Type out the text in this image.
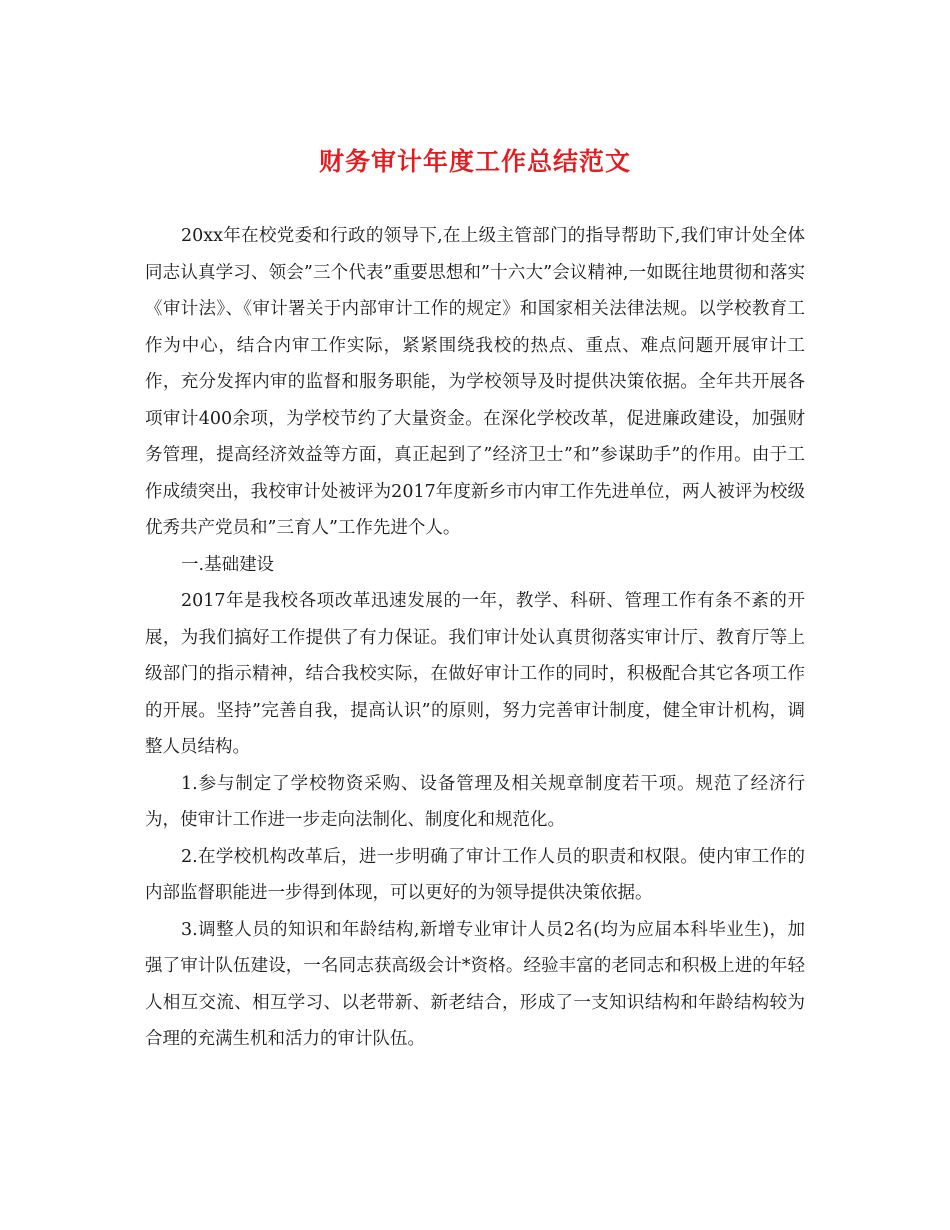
财务审计年度工作总结范文

20xx年在校党委和行政的领导下,在上级主管部门的指导帮助下,我们审计处全体同志认真学习、领会”三个代表”重要思想和”十六大”会议精神,一如既往地贯彻和落实《审计法》、《审计署关于内部审计工作的规定》和国家相关法律法规。以学校教育工作为中心，结合内审工作实际，紧紧围绕我校的热点、重点、难点问题开展审计工作，充分发挥内审的监督和服务职能，为学校领导及时提供决策依据。全年共开展各项审计400余项，为学校节约了大量资金。在深化学校改革，促进廉政建设，加强财务管理，提高经济效益等方面，真正起到了”经济卫士”和”参谋助手”的作用。由于工作成绩突出，我校审计处被评为2017年度新乡市内审工作先进单位，两人被评为校级优秀共产党员和”三育人”工作先进个人。

一.基础建设

2017年是我校各项改革迅速发展的一年，教学、科研、管理工作有条不紊的开展，为我们搞好工作提供了有力保证。我们审计处认真贯彻落实审计厅、教育厅等上级部门的指示精神，结合我校实际，在做好审计工作的同时，积极配合其它各项工作的开展。坚持”完善自我，提高认识”的原则，努力完善审计制度，健全审计机构，调整人员结构。

1.参与制定了学校物资采购、设备管理及相关规章制度若干项。规范了经济行为，使审计工作进一步走向法制化、制度化和规范化。

2.在学校机构改革后，进一步明确了审计工作人员的职责和权限。使内审工作的内部监督职能进一步得到体现，可以更好的为领导提供决策依据。

3.调整人员的知识和年龄结构,新增专业审计人员2名(均为应届本科毕业生)，加强了审计队伍建设，一名同志获高级会计*资格。经验丰富的老同志和积极上进的年轻人相互交流、相互学习、以老带新、新老结合，形成了一支知识结构和年龄结构较为合理的充满生机和活力的审计队伍。
